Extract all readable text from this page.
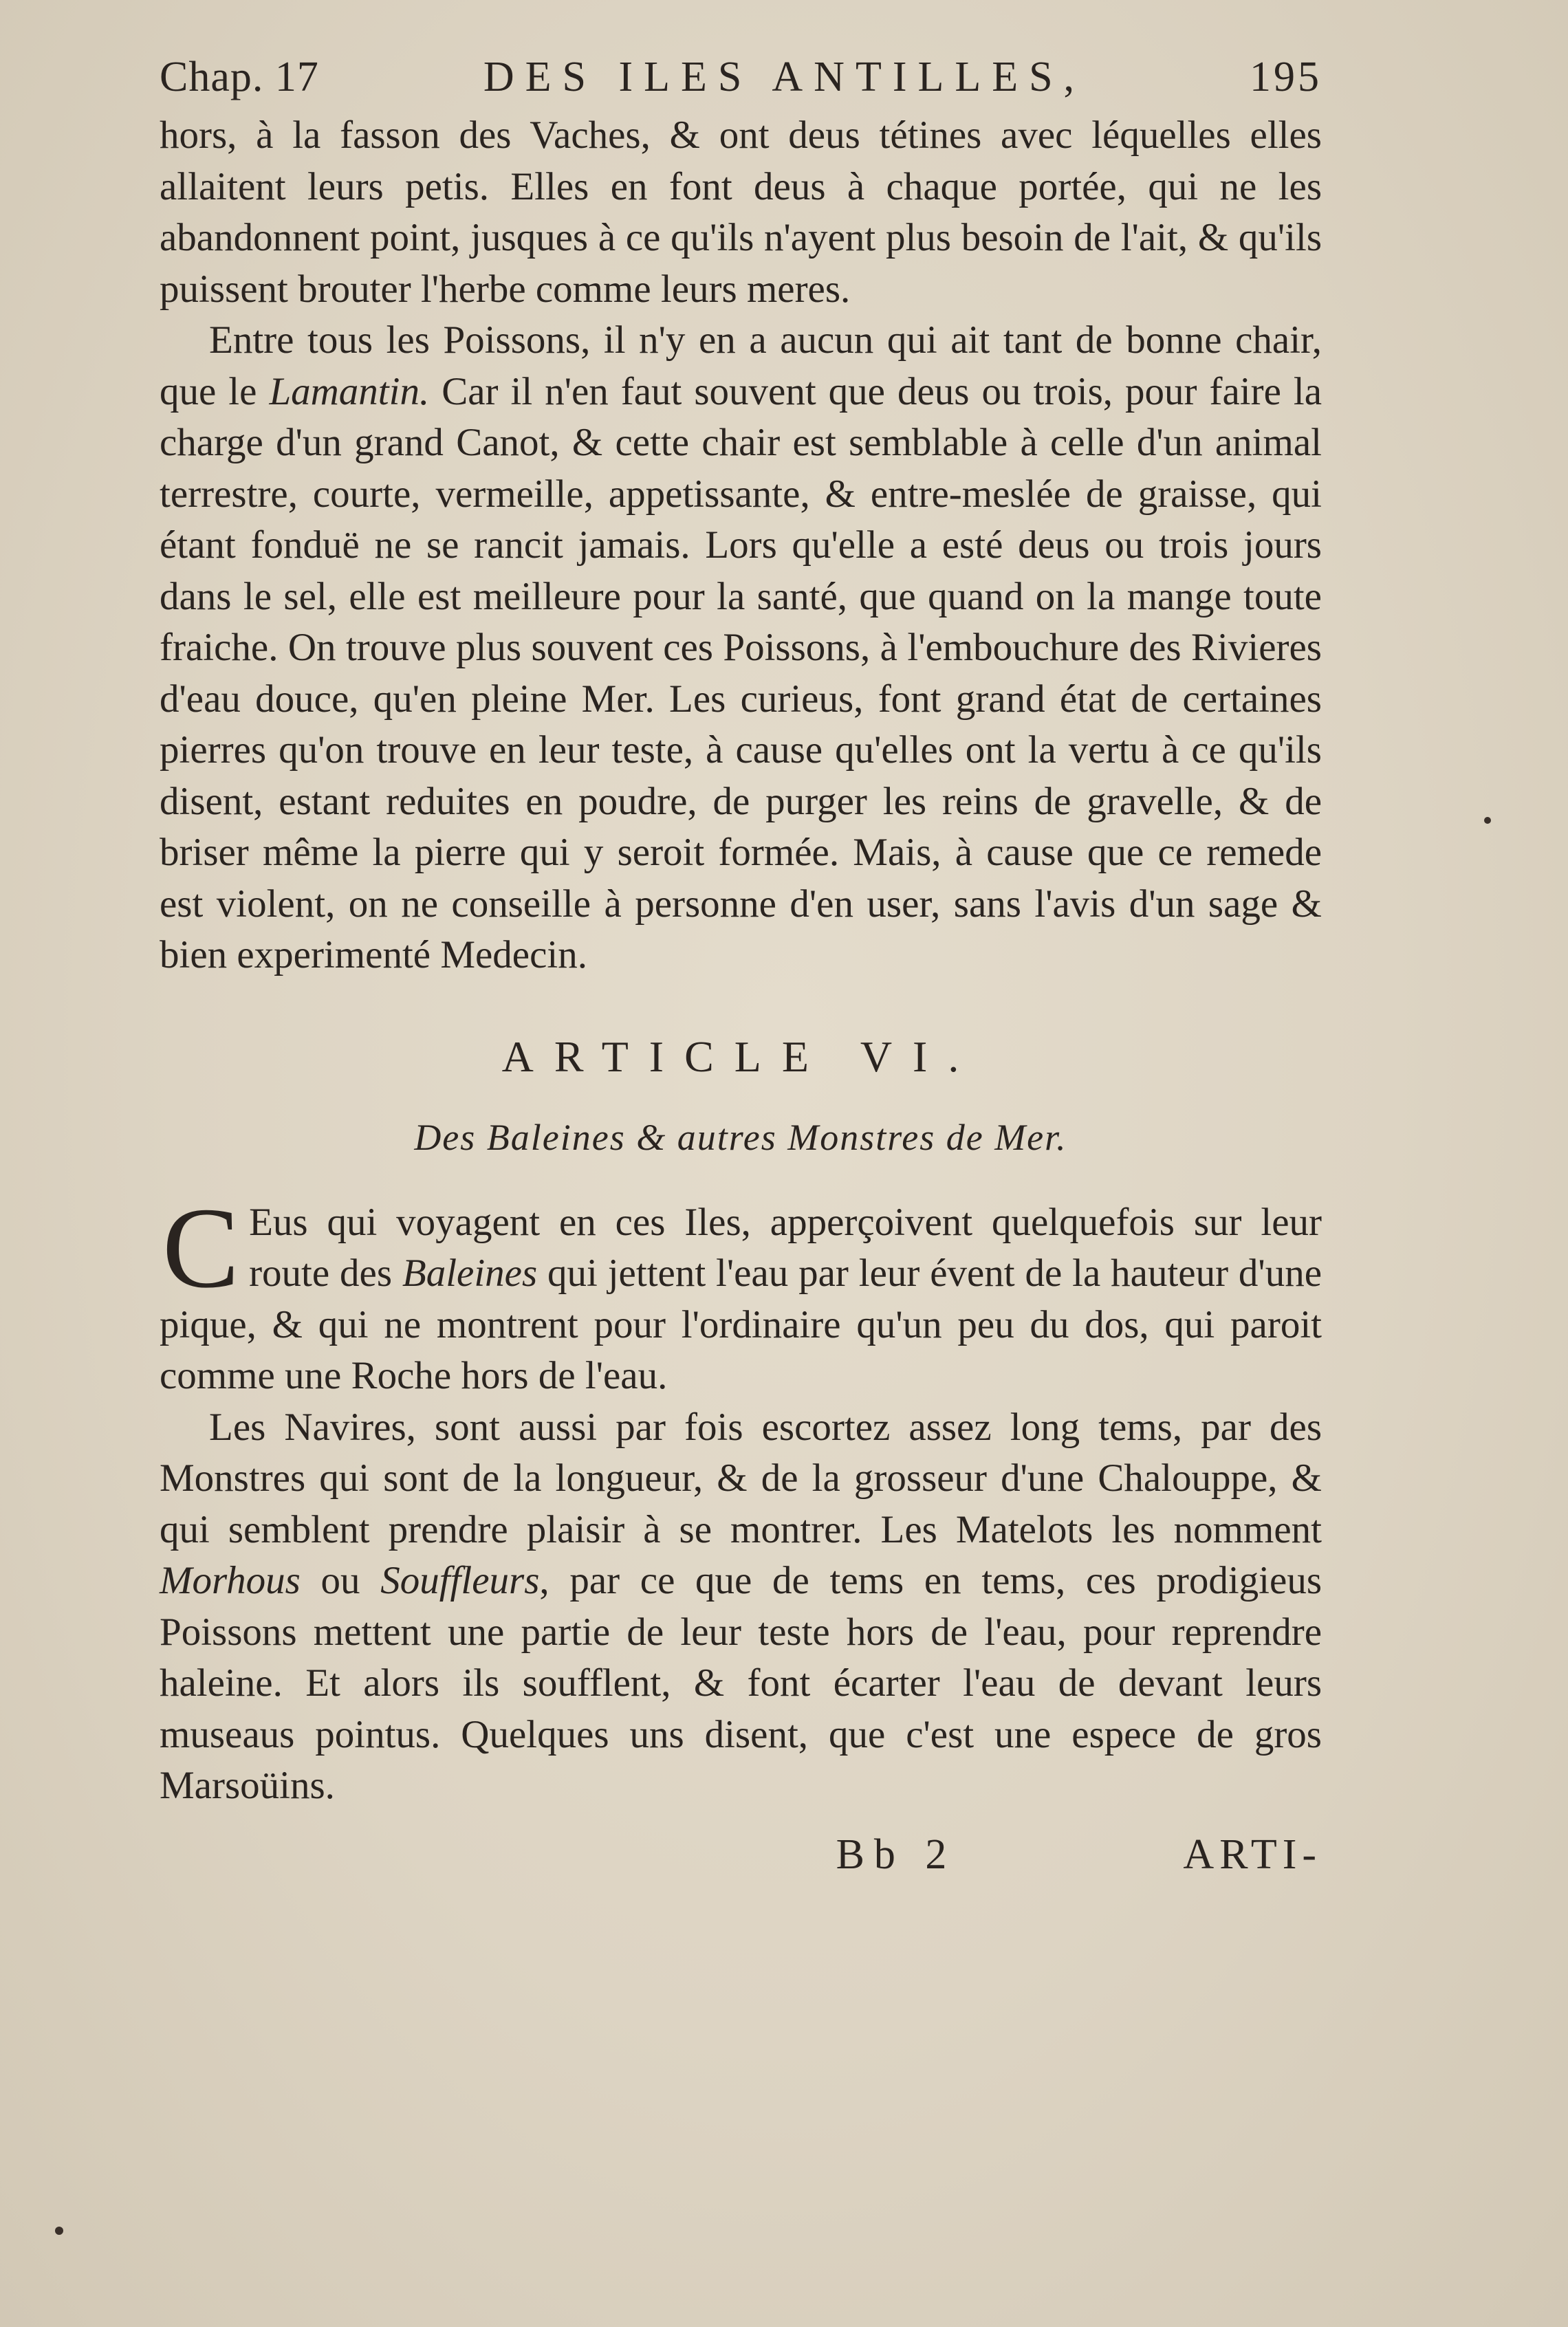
Chap. 17	DES ILES ANTILLES,	195

hors, à la fasson des Vaches, & ont deus tétines avec léquelles elles allaitent leurs petis. Elles en font deus à chaque portée, qui ne les abandonnent point, jusques à ce qu'ils n'ayent plus besoin de l'ait, & qu'ils puissent brouter l'herbe comme leurs meres.

Entre tous les Poissons, il n'y en a aucun qui ait tant de bonne chair, que le Lamantin. Car il n'en faut souvent que deus ou trois, pour faire la charge d'un grand Canot, & cette chair est semblable à celle d'un animal terrestre, courte, vermeille, appetissante, & entre-meslée de graisse, qui étant fonduë ne se rancit jamais. Lors qu'elle a esté deus ou trois jours dans le sel, elle est meilleure pour la santé, que quand on la mange toute fraiche. On trouve plus souvent ces Poissons, à l'embouchure des Rivieres d'eau douce, qu'en pleine Mer. Les curieus, font grand état de certaines pierres qu'on trouve en leur teste, à cause qu'elles ont la vertu à ce qu'ils disent, estant reduites en poudre, de purger les reins de gravelle, & de briser même la pierre qui y seroit formée. Mais, à cause que ce remede est violent, on ne conseille à personne d'en user, sans l'avis d'un sage & bien experimenté Medecin.

ARTICLE VI.
Des Baleines & autres Monstres de Mer.

C Eus qui voyagent en ces Iles, apperçoivent quelquefois sur leur route des Baleines qui jettent l'eau par leur évent de la hauteur d'une pique, & qui ne montrent pour l'ordinaire qu'un peu du dos, qui paroit comme une Roche hors de l'eau.

Les Navires, sont aussi par fois escortez assez long tems, par des Monstres qui sont de la longueur, & de la grosseur d'une Chalouppe, & qui semblent prendre plaisir à se montrer. Les Matelots les nomment Morhous ou Souffleurs, par ce que de tems en tems, ces prodigieus Poissons mettent une partie de leur teste hors de l'eau, pour reprendre haleine. Et alors ils soufflent, & font écarter l'eau de devant leurs museaus pointus. Quelques uns disent, que c'est une espece de gros Marsoüins.

Bb 2	ARTI-
